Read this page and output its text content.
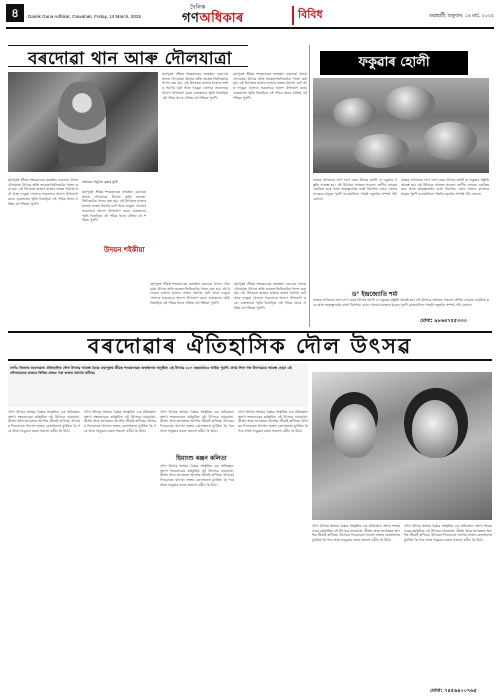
৪	Dainik Gana Adhikar, Guwahati, Friday, 14 March, 2025
দৈনিক
গণঅধিকাৰ	বিবিধ	গুৱাহাটী, শুকুবাৰ, ১৪ মাৰ্চ, ২০২৫
বৰদোৱা থান আৰু দৌলযাত্ৰা
মহাপুৰুষ শ্ৰীমন্ত শংকৰদেৱৰ জন্মস্থান বৰদোৱা থানত দৌলযাত্ৰা উৎসৱ অতি জাকত-জিলিকাকৈ পালন কৰা হয়। এই উৎসৱত হাজাৰ হাজাৰ ভক্তৰ সমাগম ঘটে আৰু ফাকুৱা খেলাৰে সকলোৱে আনন্দ উপভোগ কৰে। গুৰুজনাৰ স্মৃতি বিজড়িত এই পবিত্ৰ থানৰ ঐতিহ্য বহু শতিকা পুৰণি।
মহাপুৰুষ শ্ৰীমন্ত শংকৰদেৱৰ জন্মস্থান বৰদোৱা থানত দৌলযাত্ৰা উৎসৱ অতি জাকত-জিলিকাকৈ পালন কৰা হয়। এই উৎসৱত হাজাৰ হাজাৰ ভক্তৰ সমাগম ঘটে আৰু ফাকুৱা খেলাৰে সকলোৱে আনন্দ উপভোগ কৰে। গুৰুজনাৰ স্মৃতি বিজড়িত এই পবিত্ৰ থানৰ ঐতিহ্য বহু শতিকা পুৰণি।
মহাপুৰুষ শ্ৰীমন্ত শংকৰদেৱৰ জন্মস্থান বৰদোৱা থানত দৌলযাত্ৰা উৎসৱ অতি জাকত-জিলিকাকৈ পালন কৰা হয়। এই উৎসৱত হাজাৰ হাজাৰ ভক্তৰ সমাগম ঘটে আৰু ফাকুৱা খেলাৰে সকলোৱে আনন্দ উপভোগ কৰে। গুৰুজনাৰ স্মৃতি বিজড়িত এই পবিত্ৰ থানৰ ঐতিহ্য বহু শতিকা পুৰণি।
ৰাংঘৰৰ সন্মুখত কৃষ্ণৰ মূৰ্তি
উদয়ন শইকীয়া
মহাপুৰুষ শ্ৰীমন্ত শংকৰদেৱৰ জন্মস্থান বৰদোৱা থানত দৌলযাত্ৰা উৎসৱ অতি জাকত-জিলিকাকৈ পালন কৰা হয়। এই উৎসৱত হাজাৰ হাজাৰ ভক্তৰ সমাগম ঘটে আৰু ফাকুৱা খেলাৰে সকলোৱে আনন্দ উপভোগ কৰে। গুৰুজনাৰ স্মৃতি বিজড়িত এই পবিত্ৰ থানৰ ঐতিহ্য বহু শতিকা পুৰণি।
মহাপুৰুষ শ্ৰীমন্ত শংকৰদেৱৰ জন্মস্থান বৰদোৱা থানত দৌলযাত্ৰা উৎসৱ অতি জাকত-জিলিকাকৈ পালন কৰা হয়। এই উৎসৱত হাজাৰ হাজাৰ ভক্তৰ সমাগম ঘটে আৰু ফাকুৱা খেলাৰে সকলোৱে আনন্দ উপভোগ কৰে। গুৰুজনাৰ স্মৃতি বিজড়িত এই পবিত্ৰ থানৰ ঐতিহ্য বহু শতিকা পুৰণি।
মহাপুৰুষ শ্ৰীমন্ত শংকৰদেৱৰ জন্মস্থান বৰদোৱা থানত দৌলযাত্ৰা উৎসৱ অতি জাকত-জিলিকাকৈ পালন কৰা হয়। এই উৎসৱত হাজাৰ হাজাৰ ভক্তৰ সমাগম ঘটে আৰু ফাকুৱা খেলাৰে সকলোৱে আনন্দ উপভোগ কৰে। গুৰুজনাৰ স্মৃতি বিজড়িত এই পবিত্ৰ থানৰ ঐতিহ্য বহু শতিকা পুৰণি।
ফকুৱাৰ হোলী
বসন্তৰ আগমনৰ লগে লগে ৰঙৰ উৎসৱ হোলী বা ফকুৱাৰ প্ৰস্তুতি আৰম্ভ হয়। এই উৎসৱে সমাজৰ সকলো শ্ৰেণীৰ লোকক একত্ৰিত কৰে আৰু ভাতৃত্ববোধৰ বাৰ্তা বিয়পায়। ৰঙৰ খেলাৰ মাজেৰে মানুহে পুৰণি মনোমালিন্য পাহৰি নতুনকৈ সম্পৰ্ক গঢ়ি তোলে।
বসন্তৰ আগমনৰ লগে লগে ৰঙৰ উৎসৱ হোলী বা ফকুৱাৰ প্ৰস্তুতি আৰম্ভ হয়। এই উৎসৱে সমাজৰ সকলো শ্ৰেণীৰ লোকক একত্ৰিত কৰে আৰু ভাতৃত্ববোধৰ বাৰ্তা বিয়পায়। ৰঙৰ খেলাৰ মাজেৰে মানুহে পুৰণি মনোমালিন্য পাহৰি নতুনকৈ সম্পৰ্ক গঢ়ি তোলে।
ড° ইন্দ্ৰজ্যোতি শৰ্মা
বসন্তৰ আগমনৰ লগে লগে ৰঙৰ উৎসৱ হোলী বা ফকুৱাৰ প্ৰস্তুতি আৰম্ভ হয়। এই উৎসৱে সমাজৰ সকলো শ্ৰেণীৰ লোকক একত্ৰিত কৰে আৰু ভাতৃত্ববোধৰ বাৰ্তা বিয়পায়। ৰঙৰ খেলাৰ মাজেৰে মানুহে পুৰণি মনোমালিন্য পাহৰি নতুনকৈ সম্পৰ্ক গঢ়ি তোলে।
মোবা: ৯৮৬৪৭৫৫৩৩৩
বৰদোৱাৰ ঐতিহাসিক দৌল উৎসৱ
নগাঁও জিলাৰ বৰদোৱাত ঐতিহাসিক দৌল উৎসৱ আৰম্ভ হৈছে। মহাপুৰুষ শ্ৰীমন্ত শংকৰদেৱৰ জন্মস্থানত অনুষ্ঠিত এই উৎসৱ ৫৫০ বছৰতকৈও অধিক পুৰণি। প্ৰথম দিনা গন্ধ উৎসৱেৰে আৰম্ভ হোৱা এই দৌলযাত্ৰাত ৰাজ্যৰ বিভিন্ন প্ৰান্তৰ পৰা ভক্তৰ সমাগম ঘটিছে।
দৌল উৎসৱ অসমৰ বৈষ্ণৱ সংস্কৃতিৰ এক অবিচ্ছেদ্য অংগ। শংকৰদেৱৰ কৰ্মভূমিত এই উৎসৱে নামঘোষা, কীৰ্তন আৰু ভাগৱতৰ আদৰ্শক জীয়াই ৰাখিছে। উৎসৱৰ দিনবোৰত থানখন ভক্তৰ কোলাহলত মুখৰিত হৈ পৰে আৰু ফাকুৱাৰ ৰঙত সকলো ৰঙীন হৈ উঠে।
দৌল উৎসৱ অসমৰ বৈষ্ণৱ সংস্কৃতিৰ এক অবিচ্ছেদ্য অংগ। শংকৰদেৱৰ কৰ্মভূমিত এই উৎসৱে নামঘোষা, কীৰ্তন আৰু ভাগৱতৰ আদৰ্শক জীয়াই ৰাখিছে। উৎসৱৰ দিনবোৰত থানখন ভক্তৰ কোলাহলত মুখৰিত হৈ পৰে আৰু ফাকুৱাৰ ৰঙত সকলো ৰঙীন হৈ উঠে।
দৌল উৎসৱ অসমৰ বৈষ্ণৱ সংস্কৃতিৰ এক অবিচ্ছেদ্য অংগ। শংকৰদেৱৰ কৰ্মভূমিত এই উৎসৱে নামঘোষা, কীৰ্তন আৰু ভাগৱতৰ আদৰ্শক জীয়াই ৰাখিছে। উৎসৱৰ দিনবোৰত থানখন ভক্তৰ কোলাহলত মুখৰিত হৈ পৰে আৰু ফাকুৱাৰ ৰঙত সকলো ৰঙীন হৈ উঠে।
হিমাংশু ৰঞ্জন কলিতা
দৌল উৎসৱ অসমৰ বৈষ্ণৱ সংস্কৃতিৰ এক অবিচ্ছেদ্য অংগ। শংকৰদেৱৰ কৰ্মভূমিত এই উৎসৱে নামঘোষা, কীৰ্তন আৰু ভাগৱতৰ আদৰ্শক জীয়াই ৰাখিছে। উৎসৱৰ দিনবোৰত থানখন ভক্তৰ কোলাহলত মুখৰিত হৈ পৰে আৰু ফাকুৱাৰ ৰঙত সকলো ৰঙীন হৈ উঠে।
দৌল উৎসৱ অসমৰ বৈষ্ণৱ সংস্কৃতিৰ এক অবিচ্ছেদ্য অংগ। শংকৰদেৱৰ কৰ্মভূমিত এই উৎসৱে নামঘোষা, কীৰ্তন আৰু ভাগৱতৰ আদৰ্শক জীয়াই ৰাখিছে। উৎসৱৰ দিনবোৰত থানখন ভক্তৰ কোলাহলত মুখৰিত হৈ পৰে আৰু ফাকুৱাৰ ৰঙত সকলো ৰঙীন হৈ উঠে।
দৌল উৎসৱ অসমৰ বৈষ্ণৱ সংস্কৃতিৰ এক অবিচ্ছেদ্য অংগ। শংকৰদেৱৰ কৰ্মভূমিত এই উৎসৱে নামঘোষা, কীৰ্তন আৰু ভাগৱতৰ আদৰ্শক জীয়াই ৰাখিছে। উৎসৱৰ দিনবোৰত থানখন ভক্তৰ কোলাহলত মুখৰিত হৈ পৰে আৰু ফাকুৱাৰ ৰঙত সকলো ৰঙীন হৈ উঠে।
দৌল উৎসৱ অসমৰ বৈষ্ণৱ সংস্কৃতিৰ এক অবিচ্ছেদ্য অংগ। শংকৰদেৱৰ কৰ্মভূমিত এই উৎসৱে নামঘোষা, কীৰ্তন আৰু ভাগৱতৰ আদৰ্শক জীয়াই ৰাখিছে। উৎসৱৰ দিনবোৰত থানখন ভক্তৰ কোলাহলত মুখৰিত হৈ পৰে আৰু ফাকুৱাৰ ৰঙত সকলো ৰঙীন হৈ উঠে।
মোবা: ৭৪৫৬৪০০৭৬৫
